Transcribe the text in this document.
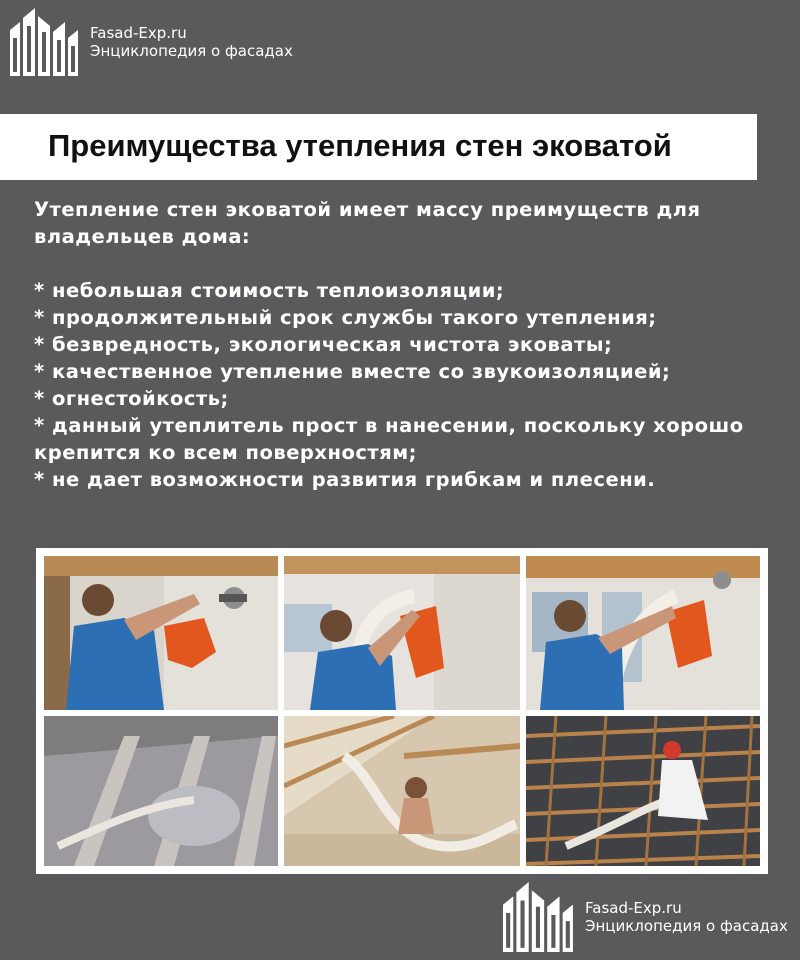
Fasad-Exp.ru
Энциклопедия о фасадах
Преимущества утепления стен эковатой

Утепление стен эковатой имеет массу преимуществ для владельцев дома:

* небольшая стоимость теплоизоляции;
* продолжительный срок службы такого утепления;
* безвредность, экологическая чистота эковаты;
* качественное утепление вместе со звукоизоляцией;
* огнестойкость;
* данный утеплитель прост в нанесении, поскольку хорошо крепится ко всем поверхностям;
* не дает возможности развития грибкам и плесени.
Fasad-Exp.ru
Энциклопедия о фасадах
